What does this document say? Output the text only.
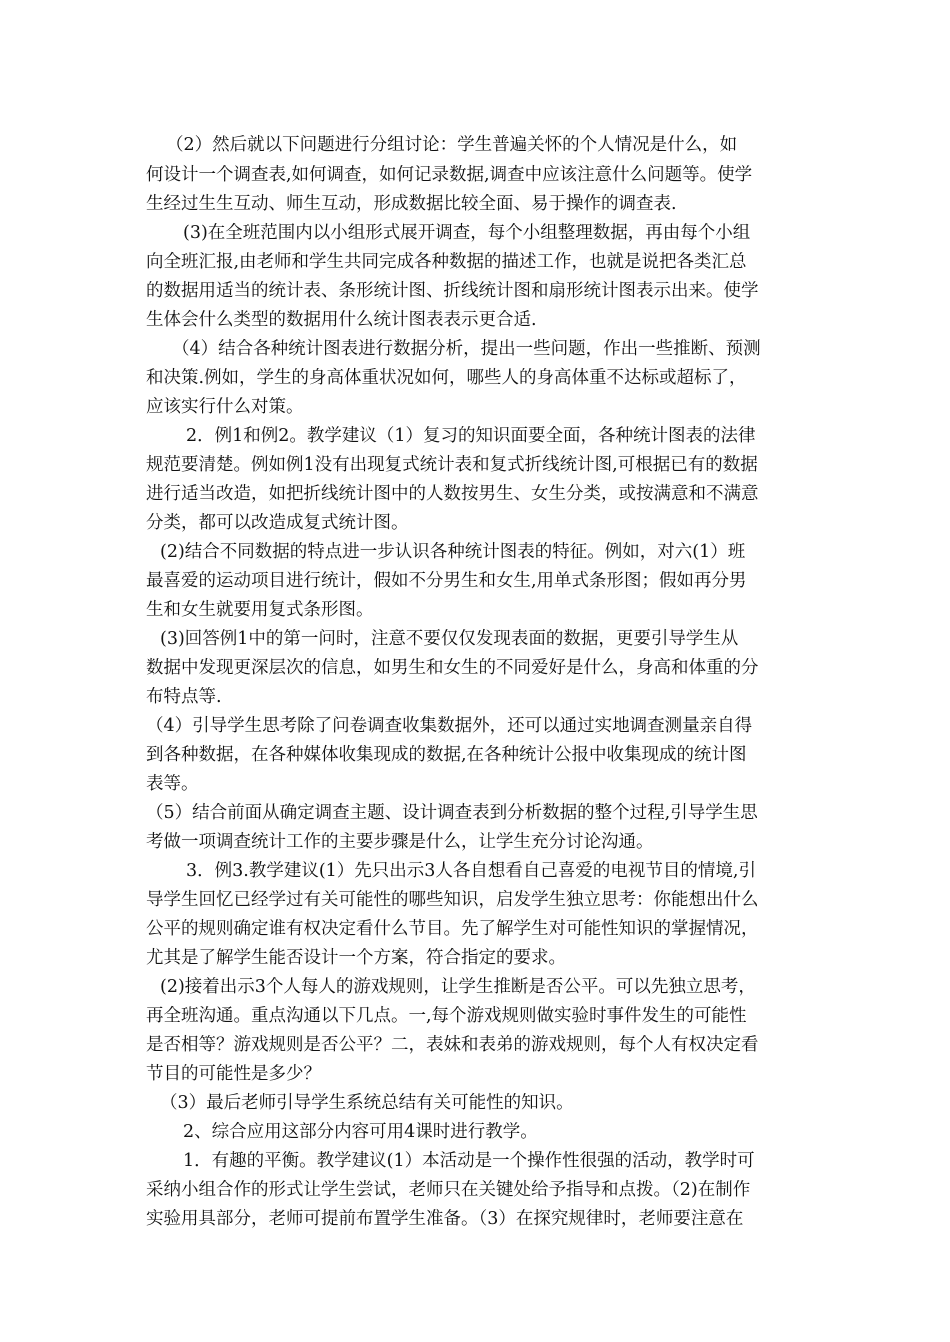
（2）然后就以下问题进行分组讨论：学生普遍关怀的个人情况是什么，如
何设计一个调查表,如何调查，如何记录数据,调查中应该注意什么问题等。使学
生经过生生互动、师生互动，形成数据比较全面、易于操作的调查表.
(3)在全班范围内以小组形式展开调查，每个小组整理数据，再由每个小组
向全班汇报,由老师和学生共同完成各种数据的描述工作，也就是说把各类汇总
的数据用适当的统计表、条形统计图、折线统计图和扇形统计图表示出来。使学
生体会什么类型的数据用什么统计图表表示更合适.
（4）结合各种统计图表进行数据分析，提出一些问题，作出一些推断、预测
和决策.例如，学生的身高体重状况如何，哪些人的身高体重不达标或超标了，
应该实行什么对策。
2．例1和例2。教学建议（1）复习的知识面要全面，各种统计图表的法律
规范要清楚。例如例1没有出现复式统计表和复式折线统计图,可根据已有的数据
进行适当改造，如把折线统计图中的人数按男生、女生分类，或按满意和不满意
分类，都可以改造成复式统计图。
(2)结合不同数据的特点进一步认识各种统计图表的特征。例如，对六(1）班
最喜爱的运动项目进行统计，假如不分男生和女生,用单式条形图；假如再分男
生和女生就要用复式条形图。
(3)回答例1中的第一问时，注意不要仅仅发现表面的数据，更要引导学生从
数据中发现更深层次的信息，如男生和女生的不同爱好是什么，身高和体重的分
布特点等.
（4）引导学生思考除了问卷调查收集数据外，还可以通过实地调查测量亲自得
到各种数据，在各种媒体收集现成的数据,在各种统计公报中收集现成的统计图
表等。
（5）结合前面从确定调查主题、设计调查表到分析数据的整个过程,引导学生思
考做一项调查统计工作的主要步骤是什么，让学生充分讨论沟通。
3．例3.教学建议(1）先只出示3人各自想看自己喜爱的电视节目的情境,引
导学生回忆已经学过有关可能性的哪些知识，启发学生独立思考：你能想出什么
公平的规则确定谁有权决定看什么节目。先了解学生对可能性知识的掌握情况，
尤其是了解学生能否设计一个方案，符合指定的要求。
(2)接着出示3个人每人的游戏规则，让学生推断是否公平。可以先独立思考，
再全班沟通。重点沟通以下几点。一,每个游戏规则做实验时事件发生的可能性
是否相等？游戏规则是否公平？二，表妹和表弟的游戏规则，每个人有权决定看
节目的可能性是多少？
（3）最后老师引导学生系统总结有关可能性的知识。
2、综合应用这部分内容可用4课时进行教学。
1．有趣的平衡。教学建议(1）本活动是一个操作性很强的活动，教学时可
采纳小组合作的形式让学生尝试，老师只在关键处给予指导和点拨。（2)在制作
实验用具部分，老师可提前布置学生准备。（3）在探究规律时，老师要注意在
